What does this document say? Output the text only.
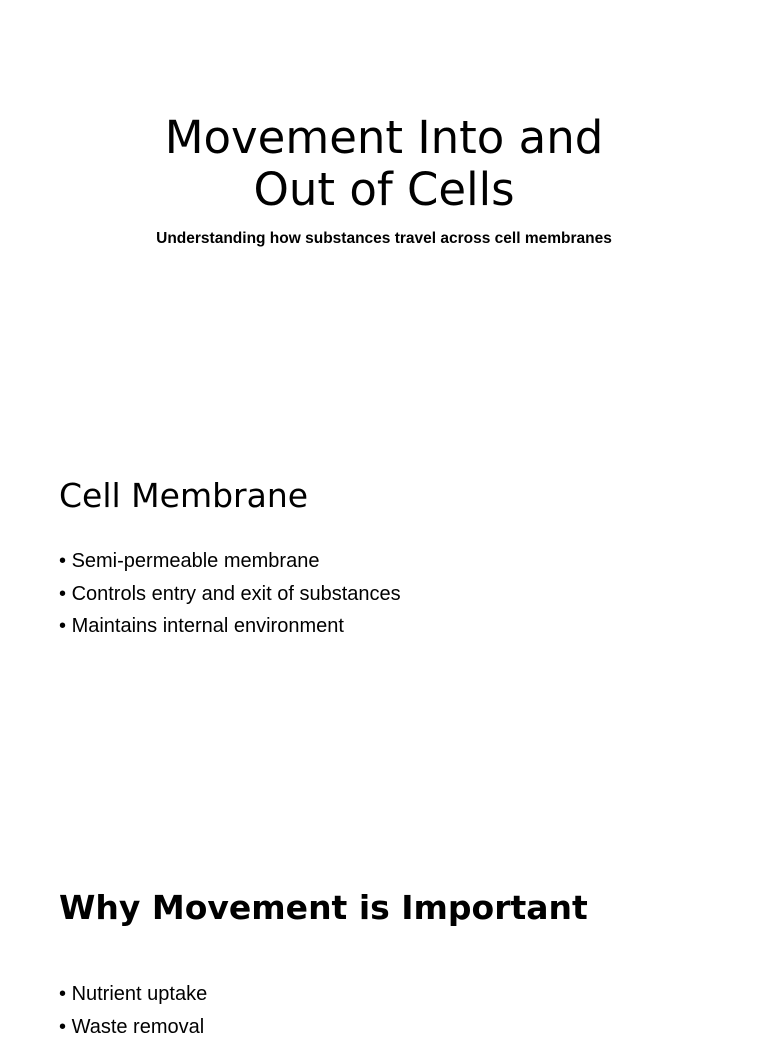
Movement Into and
Out of Cells

Understanding how substances travel across cell membranes

Cell Membrane
• Semi-permeable membrane
• Controls entry and exit of substances
• Maintains internal environment
Why Movement is Important
• Nutrient uptake
• Waste removal
